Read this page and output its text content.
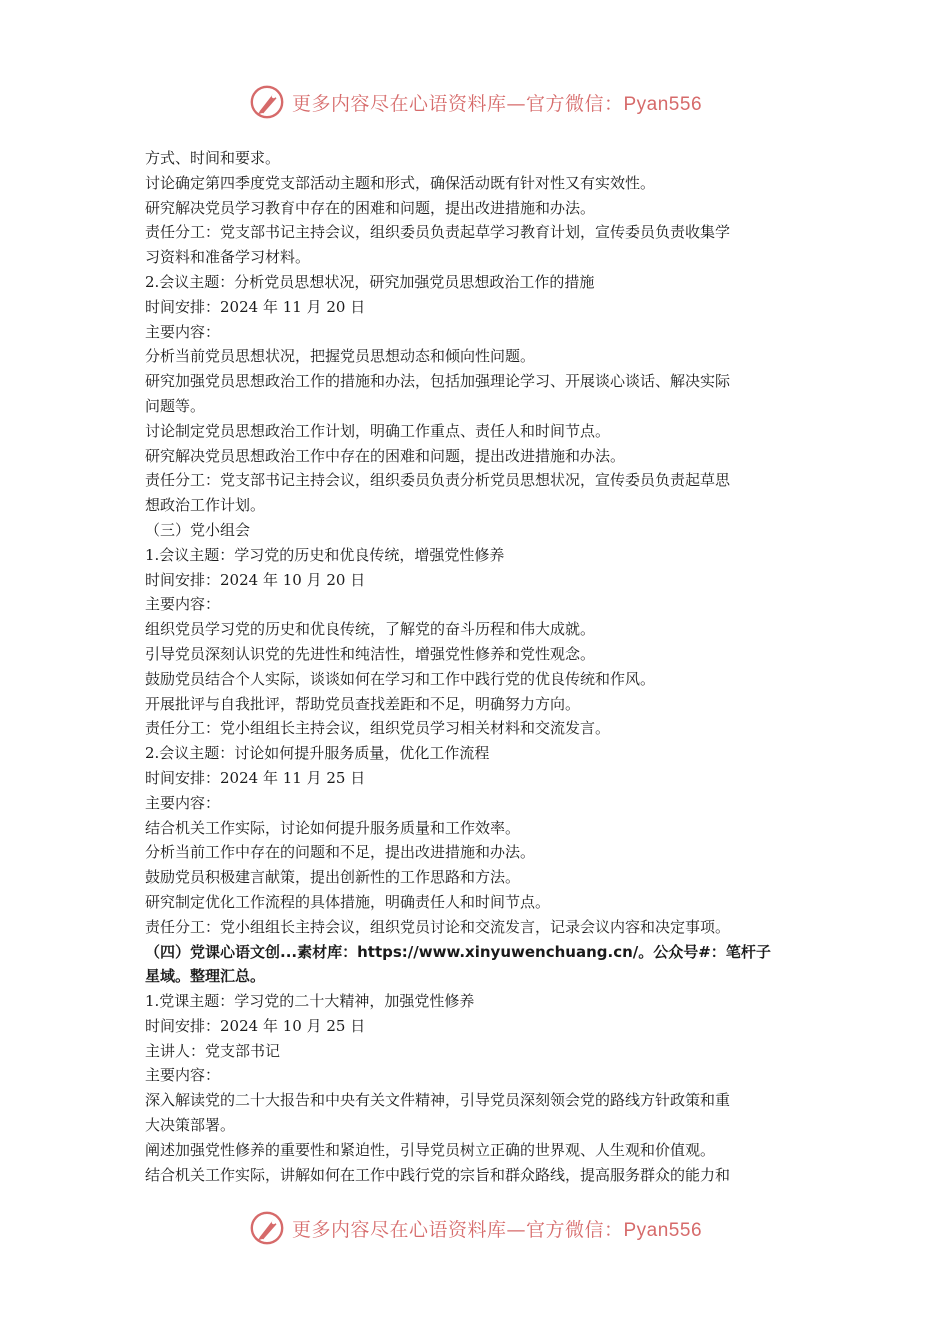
更多内容尽在心语资料库—官方微信：Pyan556
方式、时间和要求。
讨论确定第四季度党支部活动主题和形式，确保活动既有针对性又有实效性。
研究解决党员学习教育中存在的困难和问题，提出改进措施和办法。
责任分工：党支部书记主持会议，组织委员负责起草学习教育计划，宣传委员负责收集学
习资料和准备学习材料。
2.会议主题：分析党员思想状况，研究加强党员思想政治工作的措施
时间安排：2024 年 11 月 20 日
主要内容：
分析当前党员思想状况，把握党员思想动态和倾向性问题。
研究加强党员思想政治工作的措施和办法，包括加强理论学习、开展谈心谈话、解决实际
问题等。
讨论制定党员思想政治工作计划，明确工作重点、责任人和时间节点。
研究解决党员思想政治工作中存在的困难和问题，提出改进措施和办法。
责任分工：党支部书记主持会议，组织委员负责分析党员思想状况，宣传委员负责起草思
想政治工作计划。
（三）党小组会
1.会议主题：学习党的历史和优良传统，增强党性修养
时间安排：2024 年 10 月 20 日
主要内容：
组织党员学习党的历史和优良传统，了解党的奋斗历程和伟大成就。
引导党员深刻认识党的先进性和纯洁性，增强党性修养和党性观念。
鼓励党员结合个人实际，谈谈如何在学习和工作中践行党的优良传统和作风。
开展批评与自我批评，帮助党员查找差距和不足，明确努力方向。
责任分工：党小组组长主持会议，组织党员学习相关材料和交流发言。
2.会议主题：讨论如何提升服务质量，优化工作流程
时间安排：2024 年 11 月 25 日
主要内容：
结合机关工作实际，讨论如何提升服务质量和工作效率。
分析当前工作中存在的问题和不足，提出改进措施和办法。
鼓励党员积极建言献策，提出创新性的工作思路和方法。
研究制定优化工作流程的具体措施，明确责任人和时间节点。
责任分工：党小组组长主持会议，组织党员讨论和交流发言，记录会议内容和决定事项。
（四）党课心语文创...素材库：https://www.xinyuwenchuang.cn/。公众号#：笔杆子
星域。整理汇总。
1.党课主题：学习党的二十大精神，加强党性修养
时间安排：2024 年 10 月 25 日
主讲人：党支部书记
主要内容：
深入解读党的二十大报告和中央有关文件精神，引导党员深刻领会党的路线方针政策和重
大决策部署。
阐述加强党性修养的重要性和紧迫性，引导党员树立正确的世界观、人生观和价值观。
结合机关工作实际，讲解如何在工作中践行党的宗旨和群众路线，提高服务群众的能力和
更多内容尽在心语资料库—官方微信：Pyan556
